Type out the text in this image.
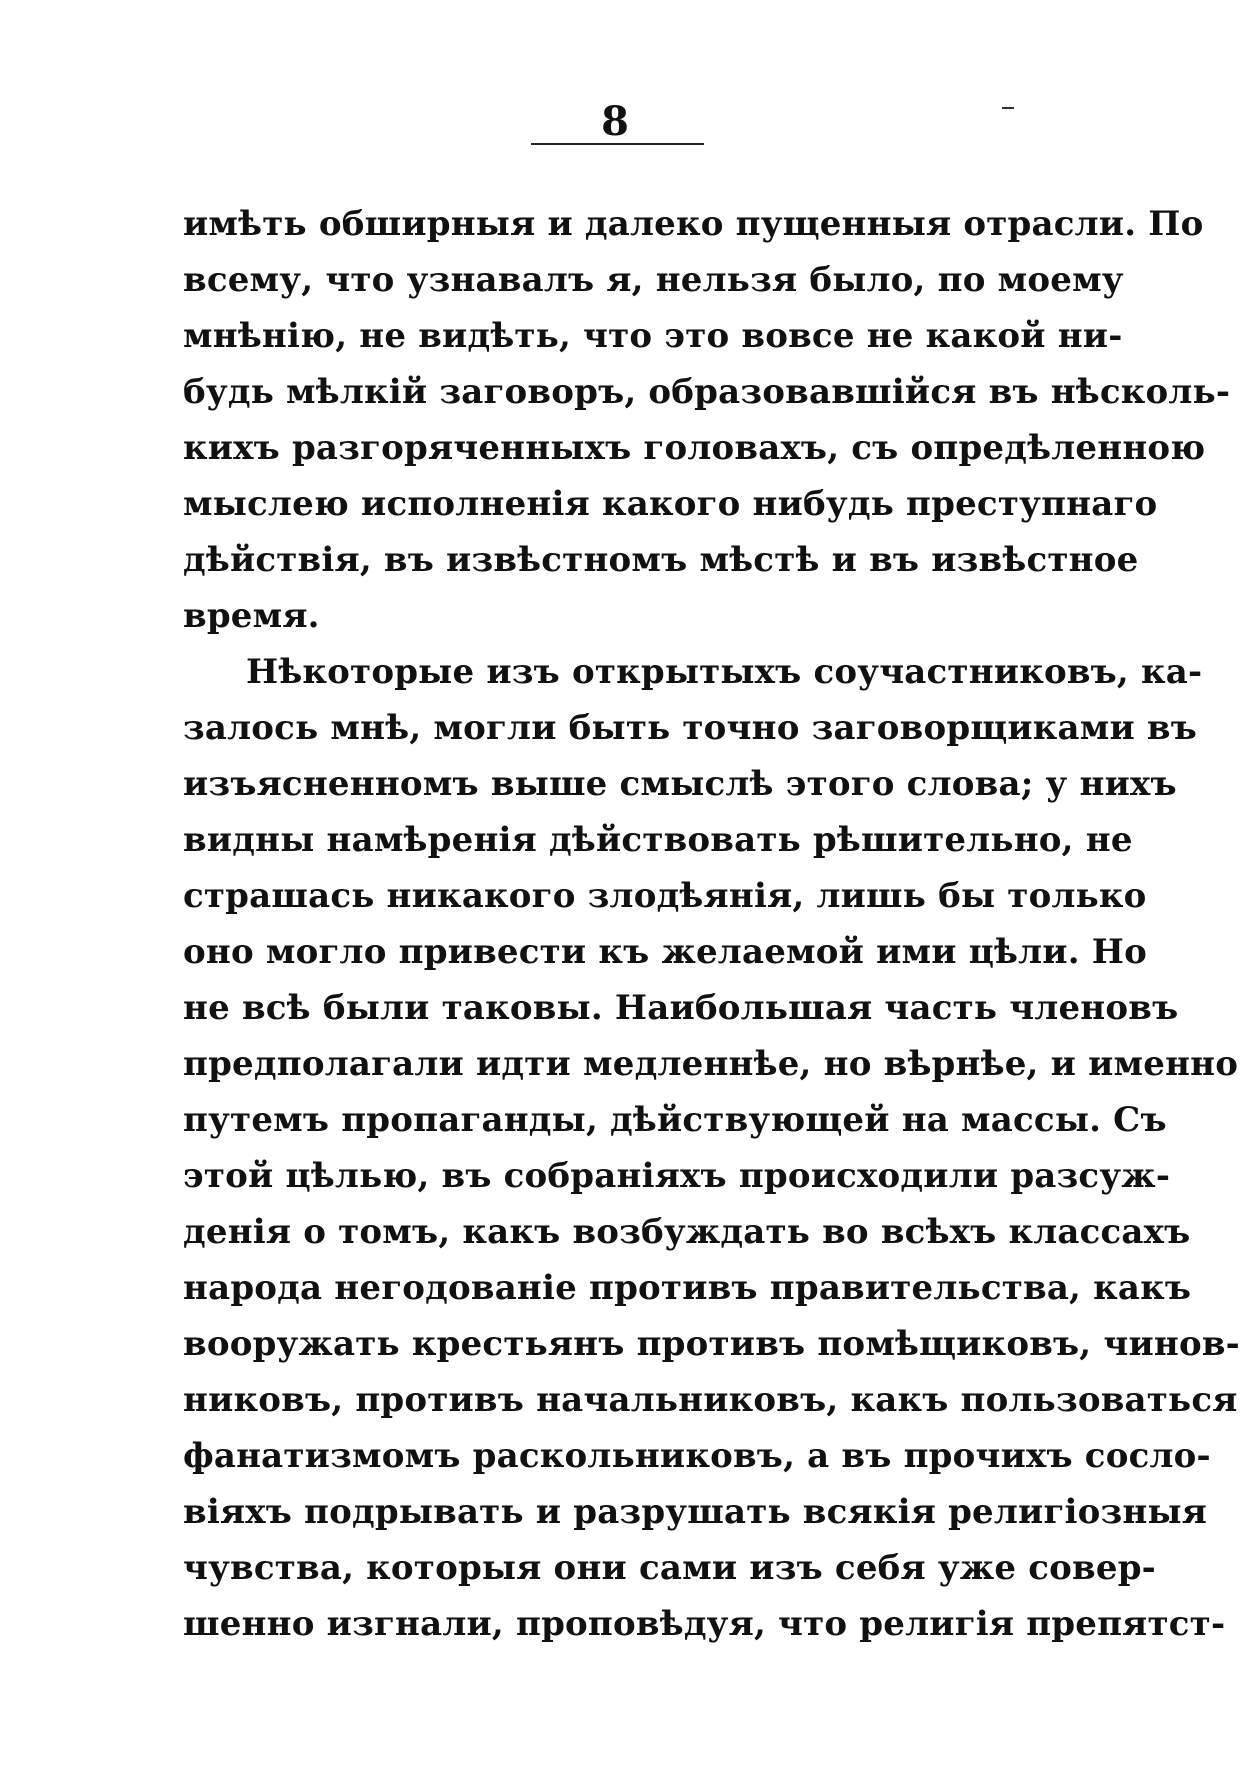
8
имѣть обширныя и далеко пущенныя отрасли. По
всему, что узнавалъ я, нельзя было, по моему
мнѣнію, не видѣть, что это вовсе не какой ни-
будь мѣлкій заговоръ, образовавшійся въ нѣсколь-
кихъ разгоряченныхъ головахъ, съ опредѣленною
мыслею исполненія какого нибудь преступнаго
дѣйствія, въ извѣстномъ мѣстѣ и въ извѣстное
время.
Нѣкоторые изъ открытыхъ соучастниковъ, ка-
залось мнѣ, могли быть точно заговорщиками въ
изъясненномъ выше смыслѣ этого слова; у нихъ
видны намѣренія дѣйствовать рѣшительно, не
страшась никакого злодѣянія, лишь бы только
оно могло привести къ желаемой ими цѣли. Но
не всѣ были таковы. Наибольшая часть членовъ
предполагали идти медленнѣе, но вѣрнѣе, и именно
путемъ пропаганды, дѣйствующей на массы. Съ
этой цѣлью, въ собраніяхъ происходили разсуж-
денія о томъ, какъ возбуждать во всѣхъ классахъ
народа негодованіе противъ правительства, какъ
вооружать крестьянъ противъ помѣщиковъ, чинов-
никовъ, противъ начальниковъ, какъ пользоваться
фанатизмомъ раскольниковъ, а въ прочихъ сосло-
віяхъ подрывать и разрушать всякія религіозныя
чувства, которыя они сами изъ себя уже совер-
шенно изгнали, проповѣдуя, что религія препятст-
